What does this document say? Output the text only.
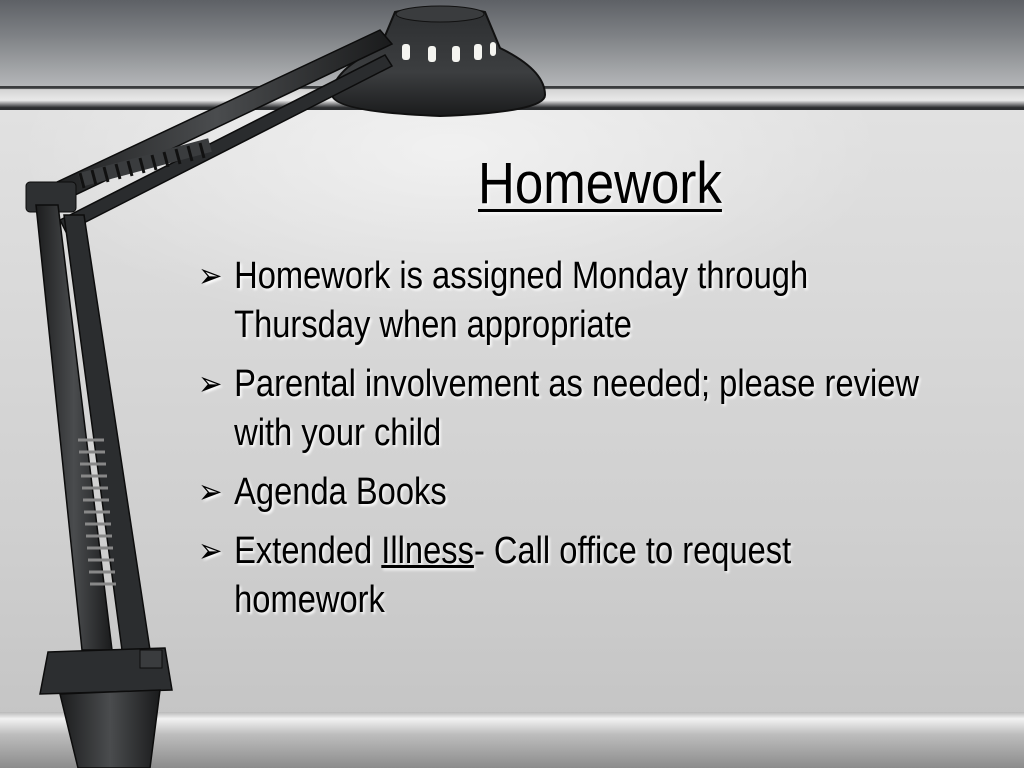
Homework
➢ Homework is assigned Monday through Thursday when appropriate
➢ Parental involvement as needed; please review with your child
➢ Agenda Books
➢ Extended Illness- Call office to request homework
